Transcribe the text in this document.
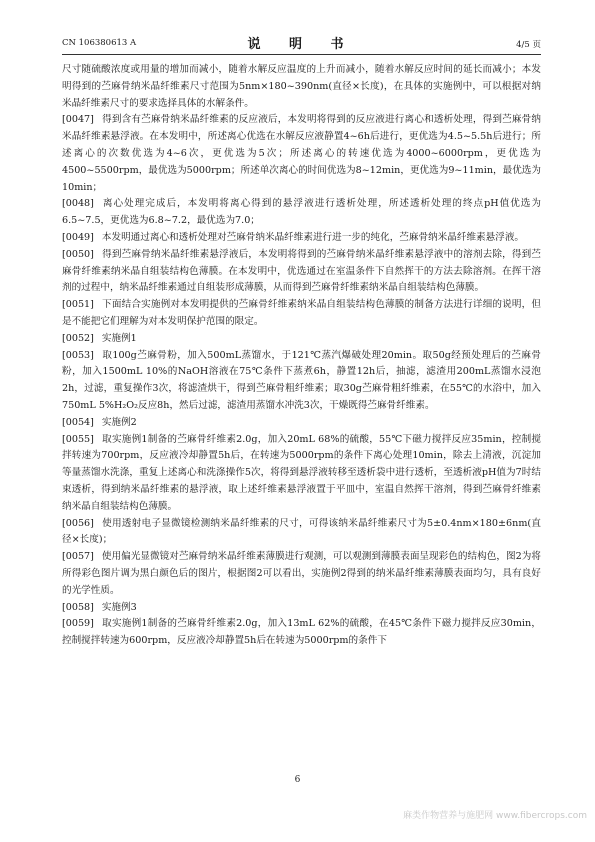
CN 106380613 A	说 明 书	4/5 页

尺寸随硫酸浓度或用量的增加而减小，随着水解反应温度的上升而减小，随着水解反应时间的延长而减小；本发明得到的苎麻骨纳米晶纤维素尺寸范围为5nm×180~390nm(直径×长度)，在具体的实施例中，可以根据对纳米晶纤维素尺寸的要求选择具体的水解条件。

[0047] 得到含有苎麻骨纳米晶纤维素的反应液后，本发明将得到的反应液进行离心和透析处理，得到苎麻骨纳米晶纤维素悬浮液。在本发明中，所述离心优选在水解反应液静置4~6h后进行，更优选为4.5~5.5h后进行；所述离心的次数优选为4~6次，更优选为5次；所述离心的转速优选为4000~6000rpm，更优选为4500~5500rpm，最优选为5000rpm；所述单次离心的时间优选为8~12min，更优选为9~11min，最优选为10min；

[0048] 离心处理完成后，本发明将离心得到的悬浮液进行透析处理，所述透析处理的终点pH值优选为6.5~7.5，更优选为6.8~7.2，最优选为7.0；

[0049] 本发明通过离心和透析处理对苎麻骨纳米晶纤维素进行进一步的纯化，苎麻骨纳米晶纤维素悬浮液。

[0050] 得到苎麻骨纳米晶纤维素悬浮液后，本发明将得到的苎麻骨纳米晶纤维素悬浮液中的溶剂去除，得到苎麻骨纤维素纳米晶自组装结构色薄膜。在本发明中，优选通过在室温条件下自然挥干的方法去除溶剂。在挥干溶剂的过程中，纳米晶纤维素通过自组装形成薄膜，从而得到苎麻骨纤维素纳米晶自组装结构色薄膜。

[0051] 下面结合实施例对本发明提供的苎麻骨纤维素纳米晶自组装结构色薄膜的制备方法进行详细的说明，但是不能把它们理解为对本发明保护范围的限定。

[0052] 实施例1

[0053] 取100g苎麻骨粉，加入500mL蒸馏水，于121℃蒸汽爆破处理20min。取50g经预处理后的苎麻骨粉，加入1500mL 10%的NaOH溶液在75℃条件下蒸煮6h，静置12h后，抽滤，滤渣用200mL蒸馏水浸泡2h，过滤，重复操作3次，将滤渣烘干，得到苎麻骨粗纤维素；取30g苎麻骨粗纤维素，在55℃的水浴中，加入750mL 5%H₂O₂反应8h，然后过滤，滤渣用蒸馏水冲洗3次，干燥既得苎麻骨纤维素。

[0054] 实施例2

[0055] 取实施例1制备的苎麻骨纤维素2.0g，加入20mL 68%的硫酸，55℃下磁力搅拌反应35min，控制搅拌转速为700rpm，反应液冷却静置5h后，在转速为5000rpm的条件下离心处理10min，除去上清液，沉淀加等量蒸馏水洗涤，重复上述离心和洗涤操作5次，将得到悬浮液转移至透析袋中进行透析，至透析液pH值为7时结束透析，得到纳米晶纤维素的悬浮液，取上述纤维素悬浮液置于平皿中，室温自然挥干溶剂，得到苎麻骨纤维素纳米晶自组装结构色薄膜。

[0056] 使用透射电子显微镜检测纳米晶纤维素的尺寸，可得该纳米晶纤维素尺寸为5±0.4nm×180±6nm(直径×长度)；

[0057] 使用偏光显微镜对苎麻骨纳米晶纤维素薄膜进行观测，可以观测到薄膜表面呈现彩色的结构色，图2为将所得彩色图片调为黑白颜色后的图片，根据图2可以看出，实施例2得到的纳米晶纤维素薄膜表面均匀，具有良好的光学性质。

[0058] 实施例3

[0059] 取实施例1制备的苎麻骨纤维素2.0g，加入13mL 62%的硫酸，在45℃条件下磁力搅拌反应30min，控制搅拌转速为600rpm，反应液冷却静置5h后在转速为5000rpm的条件下

6
麻类作物营养与施肥网 www.fibercrops.com
